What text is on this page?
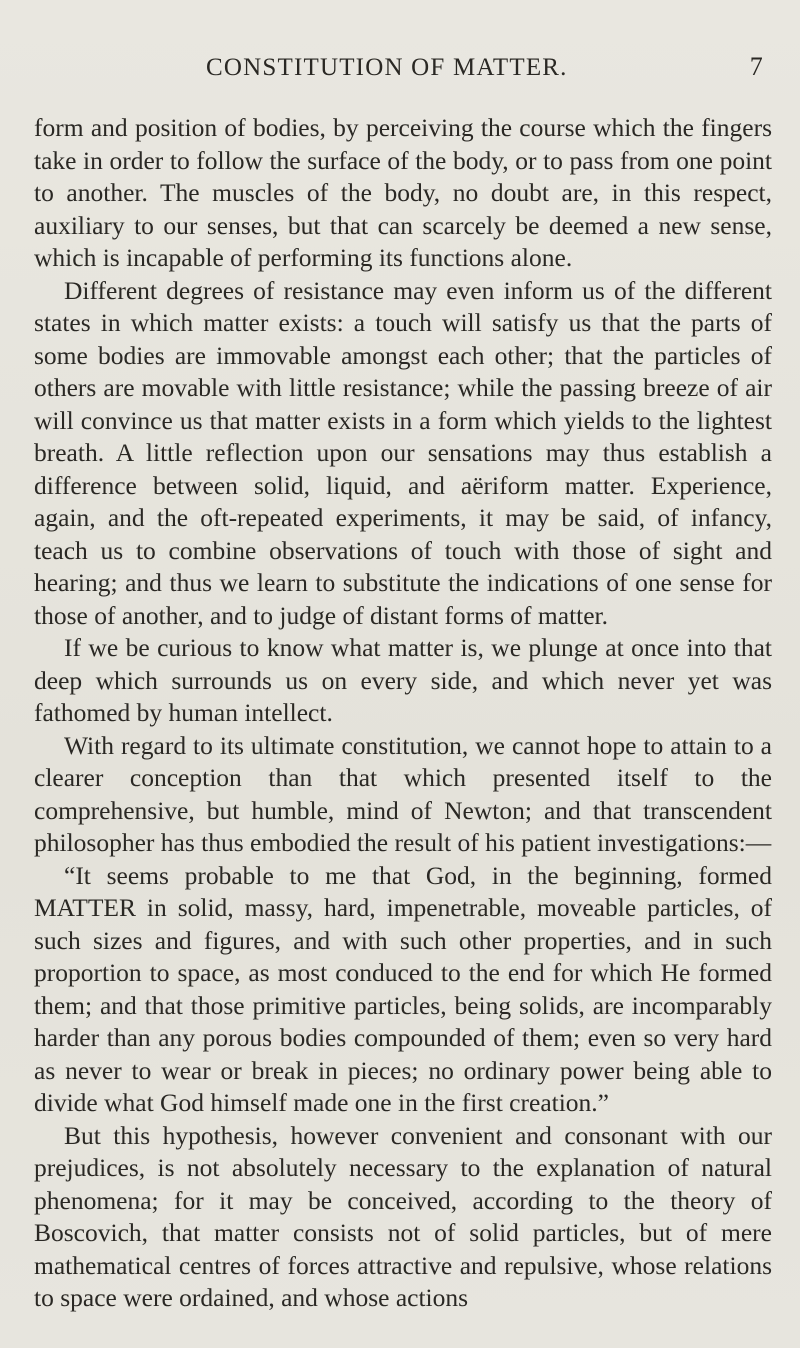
CONSTITUTION OF MATTER.	7

form and position of bodies, by perceiving the course which the fingers take in order to follow the surface of the body, or to pass from one point to another. The muscles of the body, no doubt are, in this respect, auxiliary to our senses, but that can scarcely be deemed a new sense, which is incapable of performing its functions alone.

Different degrees of resistance may even inform us of the different states in which matter exists: a touch will satisfy us that the parts of some bodies are immovable amongst each other; that the particles of others are movable with little resistance; while the passing breeze of air will convince us that matter exists in a form which yields to the lightest breath. A little reflection upon our sensations may thus establish a difference between solid, liquid, and aëriform matter. Experience, again, and the oft-repeated experiments, it may be said, of infancy, teach us to combine observations of touch with those of sight and hearing; and thus we learn to substitute the indications of one sense for those of another, and to judge of distant forms of matter.

If we be curious to know what matter is, we plunge at once into that deep which surrounds us on every side, and which never yet was fathomed by human intellect.

With regard to its ultimate constitution, we cannot hope to attain to a clearer conception than that which presented itself to the comprehensive, but humble, mind of Newton; and that transcendent philosopher has thus embodied the result of his patient investigations:—

“It seems probable to me that God, in the beginning, formed MATTER in solid, massy, hard, impenetrable, moveable particles, of such sizes and figures, and with such other properties, and in such proportion to space, as most conduced to the end for which He formed them; and that those primitive particles, being solids, are incomparably harder than any porous bodies compounded of them; even so very hard as never to wear or break in pieces; no ordinary power being able to divide what God himself made one in the first creation.”

But this hypothesis, however convenient and consonant with our prejudices, is not absolutely necessary to the explanation of natural phenomena; for it may be conceived, according to the theory of Boscovich, that matter consists not of solid particles, but of mere mathematical centres of forces attractive and repulsive, whose relations to space were ordained, and whose actions
